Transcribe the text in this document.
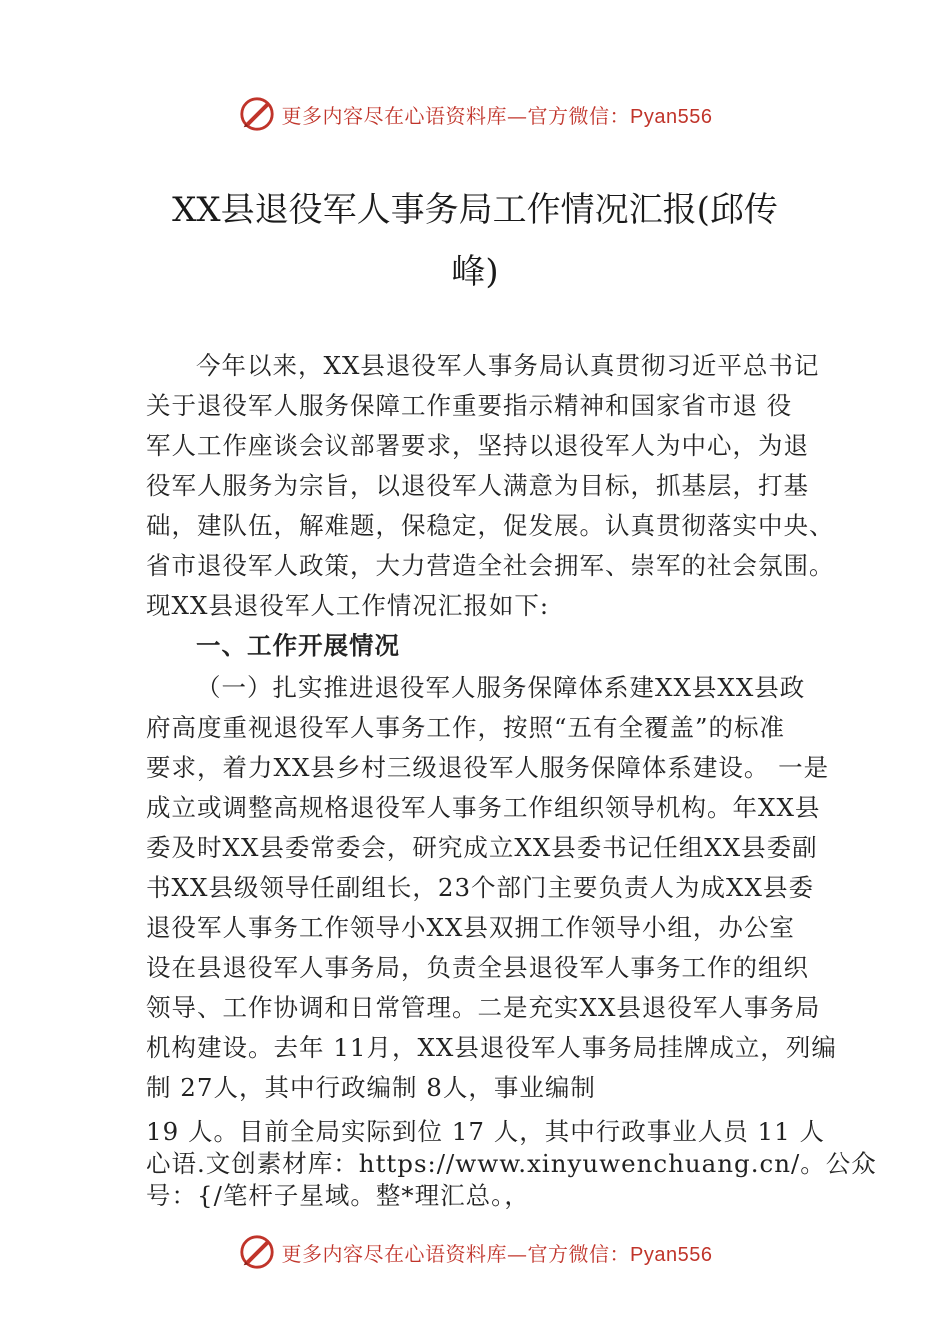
更多内容尽在心语资料库—官方微信：Pyan556
XX县退役军人事务局工作情况汇报(邱传
峰)
今年以来，XX县退役军人事务局认真贯彻习近平总书记
关于退役军人服务保障工作重要指示精神和国家省市退 役
军人工作座谈会议部署要求，坚持以退役军人为中心，为退
役军人服务为宗旨，以退役军人满意为目标，抓基层，打基
础，建队伍，解难题，保稳定，促发展。认真贯彻落实中央、
省市退役军人政策，大力营造全社会拥军、崇军的社会氛围。
现XX县退役军人工作情况汇报如下:
一、工作开展情况
（一）扎实推进退役军人服务保障体系建XX县XX县政
府高度重视退役军人事务工作，按照“五有全覆盖”的标准
要求，着力XX县乡村三级退役军人服务保障体系建设。 一是
成立或调整高规格退役军人事务工作组织领导机构。年XX县
委及时XX县委常委会，研究成立XX县委书记任组XX县委副
书XX县级领导任副组长，23个部门主要负责人为成XX县委
退役军人事务工作领导小XX县双拥工作领导小组，办公室
设在县退役军人事务局，负责全县退役军人事务工作的组织
领导、工作协调和日常管理。二是充实XX县退役军人事务局
机构建设。去年 11月，XX县退役军人事务局挂牌成立，列编
制 27人，其中行政编制 8人，事业编制
19 人。目前全局实际到位 17 人，其中行政事业人员 11 人
心语.文创素材库：https://www.xinyuwenchuang.cn/。公众
号：{/笔杆子星域。整*理汇总。，
更多内容尽在心语资料库—官方微信：Pyan556
